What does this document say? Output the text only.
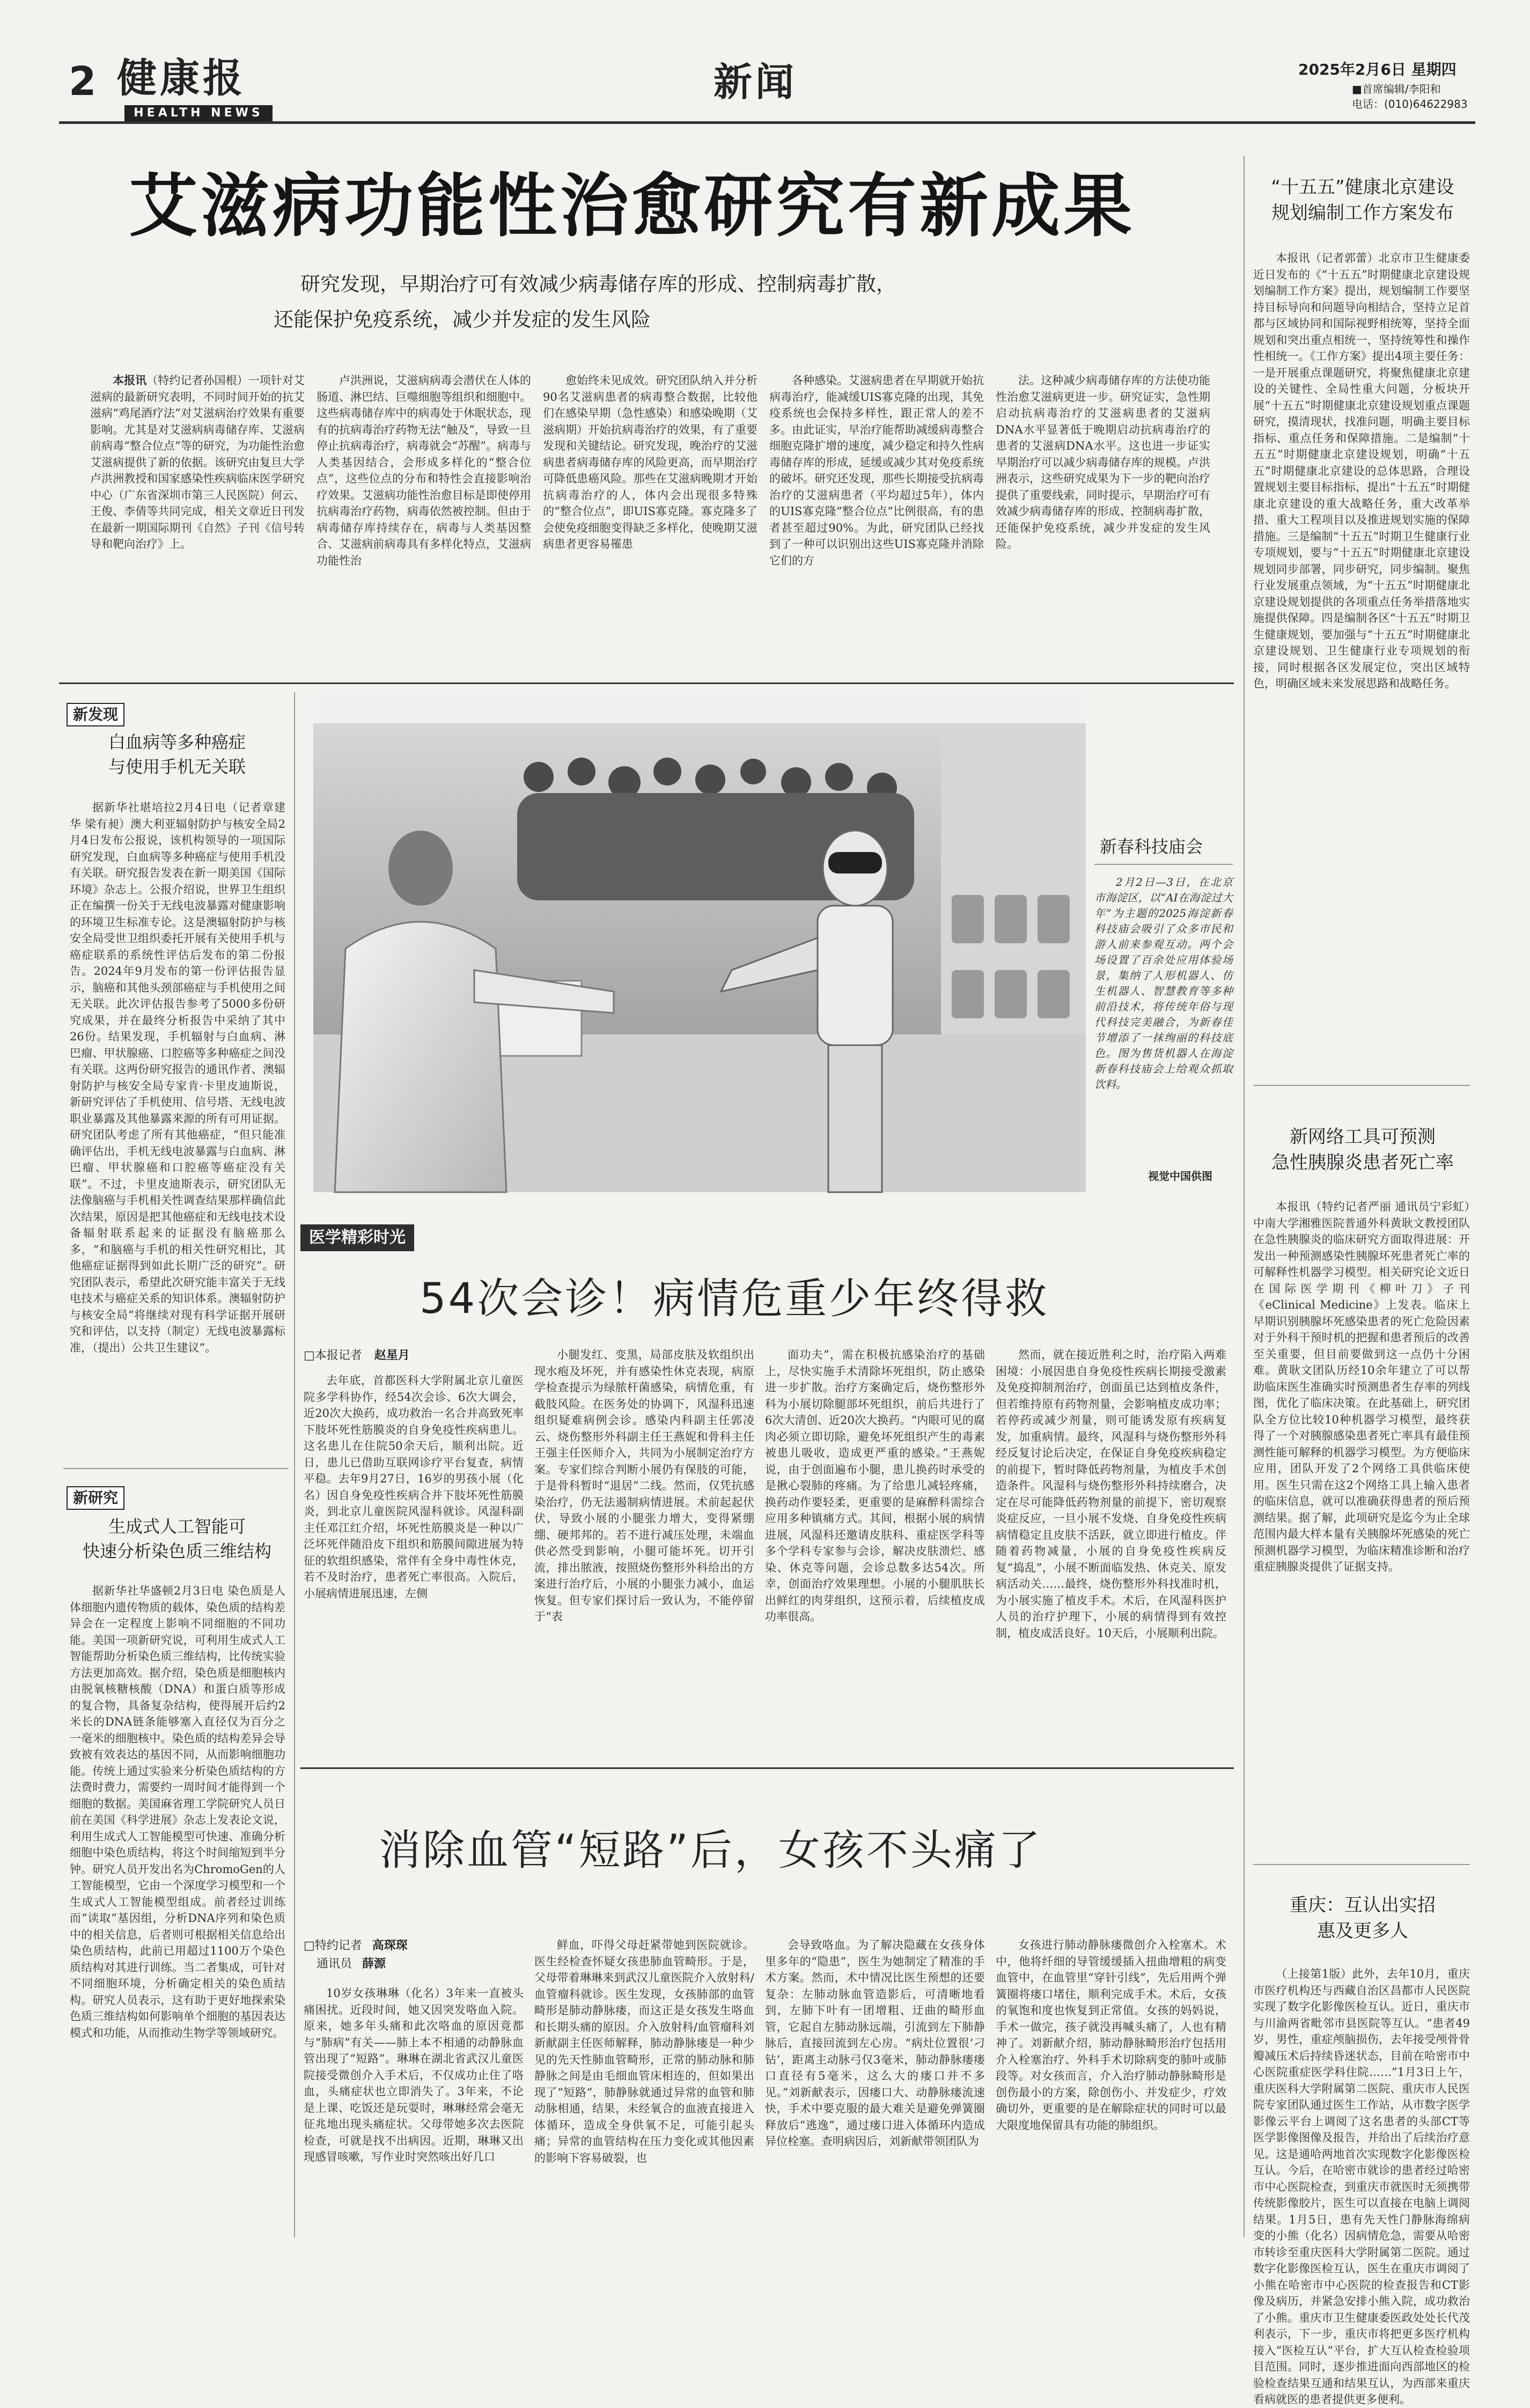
2 健康报
HEALTH NEWS
新闻	2025年2月6日 星期四
■首席编辑/李阳和
电话：(010)64622983
艾滋病功能性治愈研究有新成果
研究发现，早期治疗可有效减少病毒储存库的形成、控制病毒扩散，
还能保护免疫系统，减少并发症的发生风险
本报讯（特约记者孙国根）一项针对艾滋病的最新研究表明，不同时间开始的抗艾滋病“鸡尾酒疗法”对艾滋病治疗效果有重要影响。尤其是对艾滋病病毒储存库、艾滋病前病毒“整合位点”等的研究，为功能性治愈艾滋病提供了新的依据。该研究由复旦大学卢洪洲教授和国家感染性疾病临床医学研究中心（广东省深圳市第三人民医院）何云、王俊、李倩等共同完成，相关文章近日刊发在最新一期国际期刊《自然》子刊《信号转导和靶向治疗》上。
卢洪洲说，艾滋病病毒会潜伏在人体的肠道、淋巴结、巨噬细胞等组织和细胞中。这些病毒储存库中的病毒处于休眠状态，现有的抗病毒治疗药物无法“触及”，导致一旦停止抗病毒治疗，病毒就会“苏醒”。病毒与人类基因结合，会形成多样化的“整合位点”，这些位点的分布和特性会直接影响治疗效果。艾滋病功能性治愈目标是即使停用抗病毒治疗药物，病毒依然被控制。但由于病毒储存库持续存在，病毒与人类基因整合、艾滋病前病毒具有多样化特点，艾滋病功能性治
愈始终未见成效。研究团队纳入并分析90名艾滋病患者的病毒整合数据，比较他们在感染早期（急性感染）和感染晚期（艾滋病期）开始抗病毒治疗的效果，有了重要发现和关键结论。研究发现，晚治疗的艾滋病患者病毒储存库的风险更高，而早期治疗可降低患癌风险。那些在艾滋病晚期才开始抗病毒治疗的人，体内会出现很多特殊的“整合位点”，即UIS寡克隆。寡克隆多了会使免疫细胞变得缺乏多样化，使晚期艾滋病患者更容易罹患
各种感染。艾滋病患者在早期就开始抗病毒治疗，能减缓UIS寡克隆的出现，其免疫系统也会保持多样性，跟正常人的差不多。由此证实，早治疗能帮助减缓病毒整合细胞克隆扩增的速度，减少稳定和持久性病毒储存库的形成，延缓或减少其对免疫系统的破坏。研究还发现，那些长期接受抗病毒治疗的艾滋病患者（平均超过5年），体内的UIS寡克隆“整合位点”比例很高，有的患者甚至超过90%。为此，研究团队已经找到了一种可以识别出这些UIS寡克隆并消除它们的方
法。这种减少病毒储存库的方法使功能性治愈艾滋病更进一步。研究证实，急性期启动抗病毒治疗的艾滋病患者的艾滋病DNA水平显著低于晚期启动抗病毒治疗的患者的艾滋病DNA水平。这也进一步证实早期治疗可以减少病毒储存库的规模。卢洪洲表示，这些研究成果为下一步的靶向治疗提供了重要线索，同时提示，早期治疗可有效减少病毒储存库的形成、控制病毒扩散，还能保护免疫系统，减少并发症的发生风险。
“十五五”健康北京建设
规划编制工作方案发布
本报讯（记者郭蕾）北京市卫生健康委近日发布的《“十五五”时期健康北京建设规划编制工作方案》提出，规划编制工作要坚持目标导向和问题导向相结合，坚持立足首都与区域协同和国际视野相统筹，坚持全面规划和突出重点相统一，坚持统筹性和操作性相统一。《工作方案》提出4项主要任务：一是开展重点课题研究，将聚焦健康北京建设的关键性、全局性重大问题，分板块开展“十五五”时期健康北京建设规划重点课题研究，摸清现状，找准问题，明确主要目标指标、重点任务和保障措施。二是编制“十五五”时期健康北京建设规划，明确“十五五”时期健康北京建设的总体思路，合理设置规划主要目标指标，提出“十五五”时期健康北京建设的重大战略任务，重大改革举措、重大工程项目以及推进规划实施的保障措施。三是编制“十五五”时期卫生健康行业专项规划，要与“十五五”时期健康北京建设规划同步部署，同步研究，同步编制。聚焦行业发展重点领域，为“十五五”时期健康北京建设规划提供的各项重点任务举措落地实施提供保障。四是编制各区“十五五”时期卫生健康规划，要加强与“十五五”时期健康北京建设规划、卫生健康行业专项规划的衔接，同时根据各区发展定位，突出区域特色，明确区域未来发展思路和战略任务。
新网络工具可预测
急性胰腺炎患者死亡率
本报讯（特约记者严丽 通讯员宁彩虹）中南大学湘雅医院普通外科黄耿文教授团队在急性胰腺炎的临床研究方面取得进展：开发出一种预测感染性胰腺坏死患者死亡率的可解释性机器学习模型。相关研究论文近日在国际医学期刊《柳叶刀》子刊《eClinical Medicine》上发表。临床上早期识别胰腺坏死感染患者的死亡危险因素对于外科干预时机的把握和患者预后的改善至关重要，但目前要做到这一点仍十分困难。黄耿文团队历经10余年建立了可以帮助临床医生准确实时预测患者生存率的列线图，优化了临床决策。在此基础上，研究团队全方位比较10种机器学习模型，最终获得了一个对胰腺感染患者死亡率具有最佳预测性能可解释的机器学习模型。为方便临床应用，团队开发了2个网络工具供临床使用。医生只需在这2个网络工具上输入患者的临床信息，就可以准确获得患者的预后预测结果。据了解，此项研究是迄今为止全球范围内最大样本量有关胰腺坏死感染的死亡预测机器学习模型，为临床精准诊断和治疗重症胰腺炎提供了证据支持。
重庆：互认出实招
惠及更多人
（上接第1版）此外，去年10月，重庆市医疗机构还与西藏自治区昌都市人民医院实现了数字化影像医检互认。近日，重庆市与川渝两省毗邻市县医院等互认。“患者49岁，男性，重症颅脑损伤，去年接受颅骨骨瓣减压术后持续昏迷状态，目前在哈密市中心医院重症医学科住院……”1月3日上午，重庆医科大学附属第二医院、重庆市人民医院专家团队通过医生工作站，从市数字医学影像云平台上调阅了这名患者的头部CT等医学影像图像及报告，并给出了后续治疗意见。这是通哈两地首次实现数字化影像医检互认。今后，在哈密市就诊的患者经过哈密市中心医院检查，到重庆市就医时无须携带传统影像胶片，医生可以直接在电脑上调阅结果。1月5日，患有先天性门静脉海绵病变的小熊（化名）因病情危急，需要从哈密市转诊至重庆医科大学附属第二医院。通过数字化影像医检互认，医生在重庆市调阅了小熊在哈密市中心医院的检查报告和CT影像及病历，并紧急安排小熊入院，成功救治了小熊。重庆市卫生健康委医政处处长代茂利表示，下一步，重庆市将把更多医疗机构接入“医检互认”平台，扩大互认检查检验项目范围。同时，逐步推进面向西部地区的检验检查结果互通和结果互认，为西部来重庆看病就医的患者提供更多便利。
新发现
白血病等多种癌症
与使用手机无关联
据新华社堪培拉2月4日电（记者章建华 梁有昶）澳大利亚辐射防护与核安全局2月4日发布公报说，该机构领导的一项国际研究发现，白血病等多种癌症与使用手机没有关联。研究报告发表在新一期美国《国际环境》杂志上。公报介绍说，世界卫生组织正在编撰一份关于无线电波暴露对健康影响的环境卫生标准专论。这是澳辐射防护与核安全局受世卫组织委托开展有关使用手机与癌症联系的系统性评估后发布的第二份报告。2024年9月发布的第一份评估报告显示，脑癌和其他头颈部癌症与手机使用之间无关联。此次评估报告参考了5000多份研究成果，并在最终分析报告中采纳了其中26份。结果发现，手机辐射与白血病、淋巴瘤、甲状腺癌、口腔癌等多种癌症之间没有关联。这两份研究报告的通讯作者、澳辐射防护与核安全局专家肯·卡里皮迪斯说，新研究评估了手机使用、信号塔、无线电波职业暴露及其他暴露来源的所有可用证据。研究团队考虑了所有其他癌症，“但只能准确评估出，手机无线电波暴露与白血病、淋巴瘤、甲状腺癌和口腔癌等癌症没有关联”。不过，卡里皮迪斯表示，研究团队无法像脑癌与手机相关性调查结果那样确信此次结果，原因是把其他癌症和无线电技术设备辐射联系起来的证据没有脑癌那么多，“和脑癌与手机的相关性研究相比，其他癌症证据得到如此长期广泛的研究”。研究团队表示，希望此次研究能丰富关于无线电技术与癌症关系的知识体系。澳辐射防护与核安全局“将继续对现有科学证据开展研究和评估，以支持（制定）无线电波暴露标准，（提出）公共卫生建议”。
新研究
生成式人工智能可
快速分析染色质三维结构
据新华社华盛顿2月3日电 染色质是人体细胞内遗传物质的载体，染色质的结构差异会在一定程度上影响不同细胞的不同功能。美国一项新研究说，可利用生成式人工智能帮助分析染色质三维结构，比传统实验方法更加高效。据介绍，染色质是细胞核内由脱氧核糖核酸（DNA）和蛋白质等形成的复合物，具备复杂结构，使得展开后约2米长的DNA链条能够塞入直径仅为百分之一毫米的细胞核中。染色质的结构差异会导致被有效表达的基因不同，从而影响细胞功能。传统上通过实验来分析染色质结构的方法费时费力，需要约一周时间才能得到一个细胞的数据。美国麻省理工学院研究人员日前在美国《科学进展》杂志上发表论文说，利用生成式人工智能模型可快速、准确分析细胞中染色质结构，将这个时间缩短到半分钟。研究人员开发出名为ChromoGen的人工智能模型，它由一个深度学习模型和一个生成式人工智能模型组成。前者经过训练而“读取”基因组，分析DNA序列和染色质中的相关信息，后者则可根据相关信息给出染色质结构，此前已用超过1100万个染色质结构对其进行训练。当二者集成，可针对不同细胞环境，分析确定相关的染色质结构。研究人员表示，这有助于更好地探索染色质三维结构如何影响单个细胞的基因表达模式和功能，从而推动生物学等领域研究。
新春科技庙会
2月2日—3日，在北京市海淀区，以“AI在海淀过大年”为主题的2025海淀新春科技庙会吸引了众多市民和游人前来参观互动。两个会场设置了百余处应用体验场景，集纳了人形机器人、仿生机器人、智慧教育等多种前沿技术，将传统年俗与现代科技完美融合，为新春佳节增添了一抹绚丽的科技底色。图为售货机器人在海淀新春科技庙会上给观众抓取饮料。
视觉中国供图
医学精彩时光
54次会诊！病情危重少年终得救
□本报记者 赵星月
去年底，首都医科大学附属北京儿童医院多学科协作，经54次会诊、6次大调会，近20次大换药，成功救治一名合并高致死率下肢坏死性筋膜炎的自身免疫性疾病患儿。这名患儿在住院50余天后，顺利出院。近日，患儿已借助互联网诊疗平台复查，病情平稳。去年9月27日，16岁的男孩小展（化名）因自身免疫性疾病合并下肢坏死性筋膜炎，到北京儿童医院风湿科就诊。风湿科副主任邓江红介绍，坏死性筋膜炎是一种以广泛坏死伴随沿皮下组织和筋膜间隙进展为特征的软组织感染，常伴有全身中毒性休克，若不及时治疗，患者死亡率很高。入院后，小展病情进展迅速，左侧
小腿发红、变黑，局部皮肤及软组织出现水疱及坏死，并有感染性休克表现，病原学检查提示为绿脓杆菌感染，病情危重，有截肢风险。在医务处的协调下，风湿科迅速组织疑难病例会诊。感染内科副主任郭凌云、烧伤整形外科副主任王燕妮和骨科主任王强主任医师介入，共同为小展制定治疗方案。专家们综合判断小展仍有保肢的可能，于是骨科暂时“退居”二线。然而，仅凭抗感染治疗，仍无法遏制病情进展。术前起起伏伏，导致小展的小腿张力增大，变得紧绷绷、硬邦邦的。若不进行减压处理，未端血供必然受到影响，小腿可能坏死。切开引流，排出脓液，按照烧伤整形外科给出的方案进行治疗后，小展的小腿张力减小，血运恢复。但专家们探讨后一致认为，不能停留于“表
面功夫”，需在积极抗感染治疗的基础上，尽快实施手术清除坏死组织，防止感染进一步扩散。治疗方案确定后，烧伤整形外科为小展切除腿部坏死组织，前后共进行了6次大清创、近20次大换药。“内眼可见的腐肉必须立即切除，避免坏死组织产生的毒素被患儿吸收，造成更严重的感染。”王燕妮说，由于创面遍布小腿，患儿换药时承受的是揪心裂肺的疼痛。为了给患儿减轻疼痛，换药动作要轻柔，更重要的是麻醉科需综合应用多种镇痛方式。其间，根据小展的病情进展，风湿科还邀请皮肤科、重症医学科等多个学科专家参与会诊，解决皮肤溃烂、感染、休克等问题，会诊总数多达54次。所幸，创面治疗效果理想。小展的小腿肌肤长出鲜红的肉芽组织，这预示着，后续植皮成功率很高。
然而，就在接近胜利之时，治疗陷入两难困境：小展因患自身免疫性疾病长期接受激素及免疫抑制剂治疗，创面虽已达到植皮条件，但若维持原有药物剂量，会影响植皮成功率；若停药或减少剂量，则可能诱发原有疾病复发，加重病情。最终，风湿科与烧伤整形外科经反复讨论后决定，在保证自身免疫疾病稳定的前提下，暂时降低药物剂量，为植皮手术创造条件。风湿科与烧伤整形外科持续磨合，决定在尽可能降低药物剂量的前提下，密切观察炎症反应，一旦小展不发烧、自身免疫性疾病病情稳定且皮肤不活跃，就立即进行植皮。伴随着药物减量，小展的自身免疫性疾病反复“捣乱”，小展不断面临发热、休克关、原发病活动关……最终，烧伤整形外科找准时机，为小展实施了植皮手术。术后，在风湿科医护人员的治疗护理下，小展的病情得到有效控制，植皮成活良好。10天后，小展顺利出院。
消除血管“短路”后，女孩不头痛了
□特约记者 高琛琛
通讯员 薛源
10岁女孩琳琳（化名）3年来一直被头痛困扰。近段时间，她又因突发咯血入院。原来，她多年头痛和此次咯血的原因竟都与“肺病”有关——肺上本不相通的动静脉血管出现了“短路”。琳琳在湖北省武汉儿童医院接受微创介入手术后，不仅成功止住了咯血，头痛症状也立即消失了。3年来，不论是上课、吃饭还是玩耍时，琳琳经常会毫无征兆地出现头痛症状。父母带她多次去医院检查，可就是找不出病因。近期，琳琳又出现感冒咳嗽，写作业时突然咳出好几口
鲜血，吓得父母赶紧带她到医院就诊。医生经检查怀疑女孩患肺血管畸形。于是，父母带着琳琳来到武汉儿童医院介入放射科/血管瘤科就诊。医生发现，女孩肺部的血管畸形是肺动静脉瘘，而这正是女孩发生咯血和长期头痛的原因。介入放射科/血管瘤科刘新献副主任医师解释，肺动静脉瘘是一种少见的先天性肺血管畸形，正常的肺动脉和肺静脉之间是由毛细血管床相连的，但如果出现了“短路”，肺静脉就通过异常的血管和肺动脉相通，结果，未经氧合的血液直接进入体循环，造成全身供氧不足，可能引起头痛；异常的血管结构在压力变化或其他因素的影响下容易破裂，也
会导致咯血。为了解决隐藏在女孩身体里多年的“隐患”，医生为她制定了精准的手术方案。然而，术中情况比医生预想的还要复杂：左肺动脉血管造影后，可清晰地看到，左肺下叶有一团增粗、迂曲的畸形血管，它起自左肺动脉远端，引流到左下肺静脉后，直接回流到左心房。“病灶位置很‘刁钻’，距离主动脉弓仅3毫米，肺动静脉瘘瘘口直径有5毫米，这么大的瘘口并不多见。”刘新献表示，因瘘口大、动静脉瘘流速快，手术中要克服的最大难关是避免弹簧圈释放后“逃逸”，通过瘘口进入体循环内造成异位栓塞。查明病因后，刘新献带领团队为
女孩进行肺动静脉瘘微创介入栓塞术。术中，他将纤细的导管缓缓插入扭曲增粗的病变血管中，在血管里“穿针引线”，先后用两个弹簧圈将瘘口堵住，顺利完成手术。术后，女孩的氧饱和度也恢复到正常值。女孩的妈妈说，手术一做完，孩子就没再喊头痛了，人也有精神了。刘新献介绍，肺动静脉畸形治疗包括用介入栓塞治疗、外科手术切除病变的肺叶或肺段等。对女孩而言，介入治疗肺动静脉畸形是创伤最小的方案，除创伤小、并发症少，疗效确切外，更重要的是在解除症状的同时可以最大限度地保留具有功能的肺组织。
